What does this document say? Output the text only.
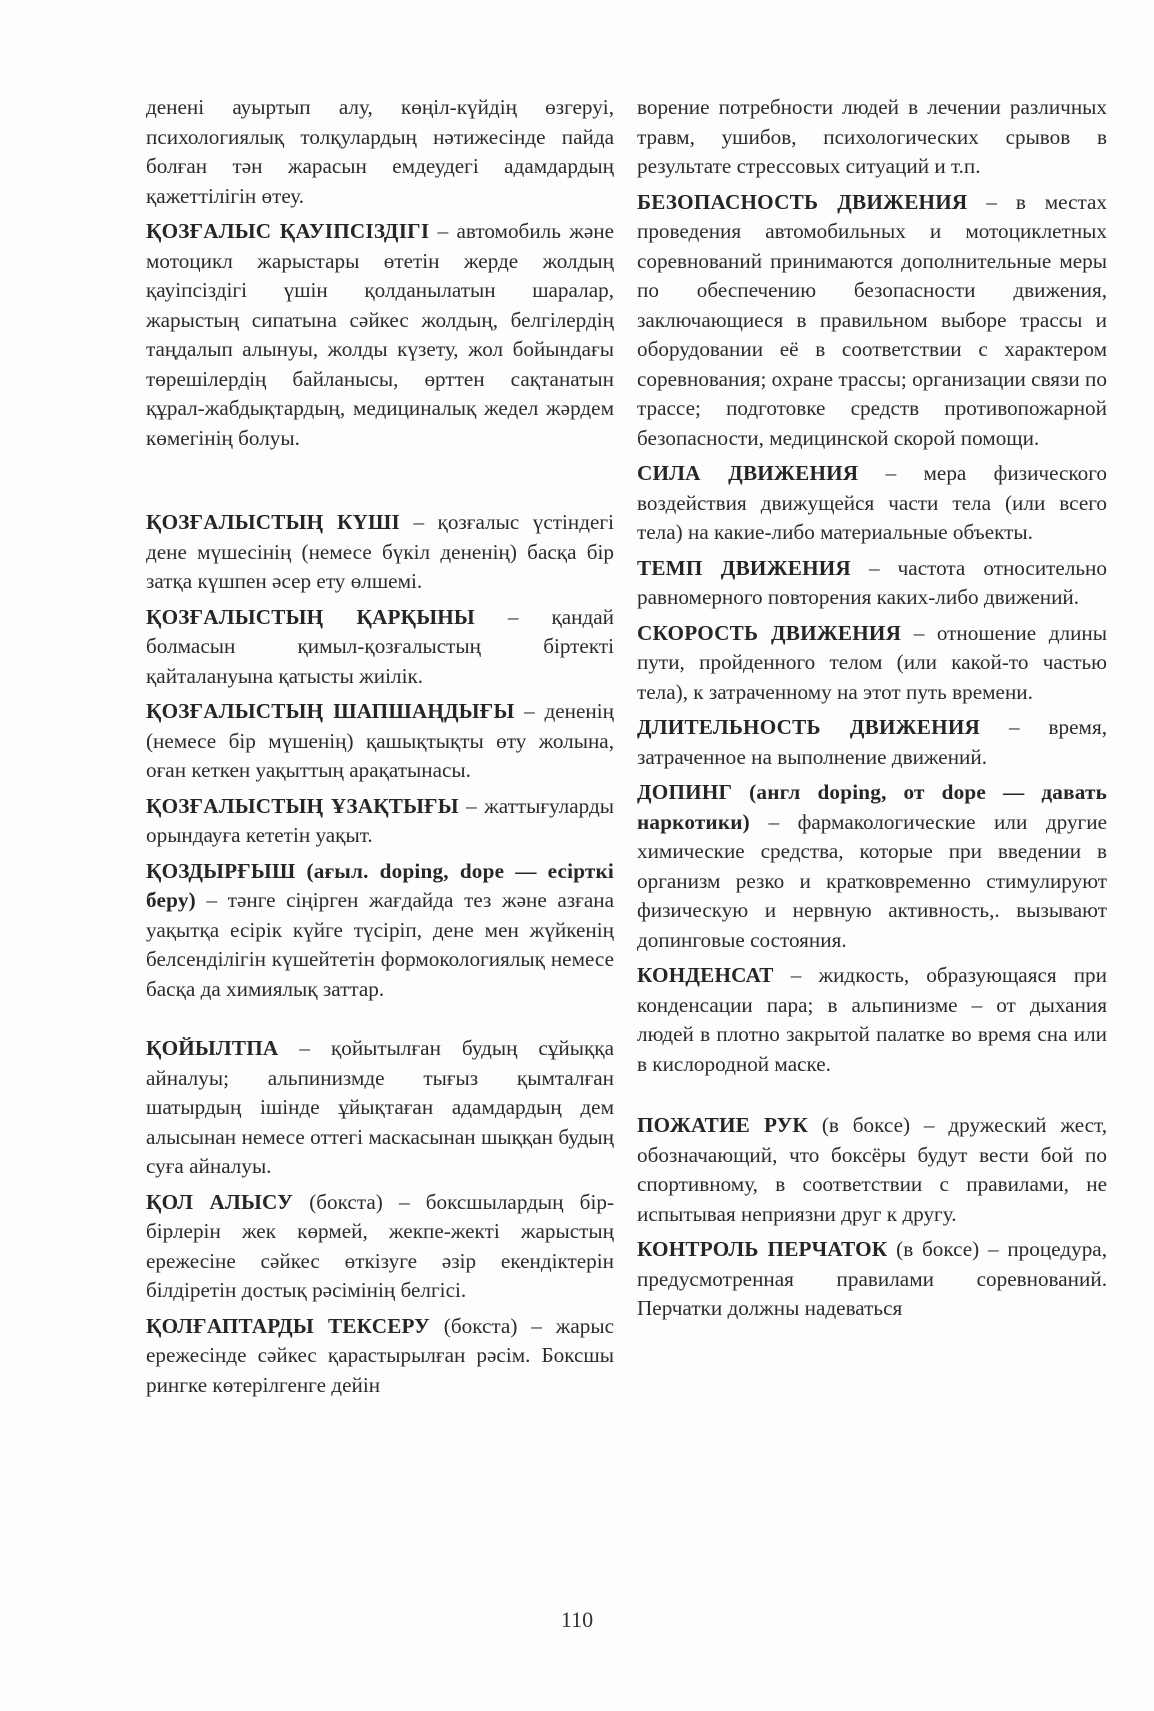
денені ауыртып алу, көңіл-күйдің өзгеруі, психологиялық толқулардың нәтижесінде пайда болған тән жарасын емдеудегі адамдардың қажеттілігін өтеу.

ҚОЗҒАЛЫС ҚАУІПСІЗДІГІ – автомобиль және мотоцикл жарыстары өтетін жерде жолдың қауіпсіздігі үшін қолданылатын шаралар, жарыстың сипатына сәйкес жолдың, белгілердің таңдалып алынуы, жолды күзету, жол бойындағы төрешілердің байланысы, өрттен сақтанатын құрал-жабдықтардың, медициналық жедел жәрдем көмегінің болуы.

ҚОЗҒАЛЫСТЫҢ КҮШІ – қозғалыс үстіндегі дене мүшесінің (немесе бүкіл дененің) басқа бір затқа күшпен әсер ету өлшемі.

ҚОЗҒАЛЫСТЫҢ ҚАРҚЫНЫ – қандай болмасын қимыл-қозғалыстың біртекті қайталануына қатысты жиілік.

ҚОЗҒАЛЫСТЫҢ ШАПШАҢДЫҒЫ – дененің (немесе бір мүшенің) қашықтықты өту жолына, оған кеткен уақыттың арақатынасы.

ҚОЗҒАЛЫСТЫҢ ҰЗАҚТЫҒЫ – жаттығуларды орындауға кететін уақыт.

ҚОЗДЫРҒЫШ (ағыл. doping, dope — есірткі беру) – тәнге сіңірген жағдайда тез және азғана уақытқа есірік күйге түсіріп, дене мен жүйкенің белсенділігін күшейтетін формокологиялық немесе басқа да химиялық заттар.

ҚОЙЫЛТПА – қойытылған будың сұйыққа айналуы; альпинизмде тығыз қымталған шатырдың ішінде ұйықтаған адамдардың дем алысынан немесе оттегі маскасынан шыққан будың суға айналуы.

ҚОЛ АЛЫСУ (бокста) – боксшылардың бір-бірлерін жек көрмей, жекпе-жекті жарыстың ережесіне сәйкес өткізуге әзір екендіктерін білдіретін достық рәсімінің белгісі.

ҚОЛҒАПТАРДЫ ТЕКСЕРУ (бокста) – жарыс ережесінде сәйкес қарастырылған рәсім. Боксшы рингке көтерілгенге дейін

ворение потребности людей в лечении различных травм, ушибов, психологических срывов в результате стрессовых ситуаций и т.п.

БЕЗОПАСНОСТЬ ДВИЖЕНИЯ – в местах проведения автомобильных и мотоциклетных соревнований принимаются дополнительные меры по обеспечению безопасности движения, заключающиеся в правильном выборе трассы и оборудовании её в соответствии с характером соревнования; охране трассы; организации связи по трассе; подготовке средств противопожарной безопасности, медицинской скорой помощи.

СИЛА ДВИЖЕНИЯ – мера физического воздействия движущейся части тела (или всего тела) на какие-либо материальные объекты.

ТЕМП ДВИЖЕНИЯ – частота относительно равномерного повторения каких-либо движений.

СКОРОСТЬ ДВИЖЕНИЯ – отношение длины пути, пройденного телом (или какой-то частью тела), к затраченному на этот путь времени.

ДЛИТЕЛЬНОСТЬ ДВИЖЕНИЯ – время, затраченное на выполнение движений.

ДОПИНГ (англ doping, от dope — давать наркотики) – фармакологические или другие химические средства, которые при введении в организм резко и кратковременно стимулируют физическую и нервную активность,. вызывают допинговые состояния.

КОНДЕНСАТ – жидкость, образующаяся при конденсации пара; в альпинизме – от дыхания людей в плотно закрытой палатке во время сна или в кислородной маске.

ПОЖАТИЕ РУК (в боксе) – дружеский жест, обозначающий, что боксёры будут вести бой по спортивному, в соответствии с правилами, не испытывая неприязни друг к другу.

КОНТРОЛЬ ПЕРЧАТОК (в боксе) – процедура, предусмотренная правилами соревнований. Перчатки должны надеваться

110
